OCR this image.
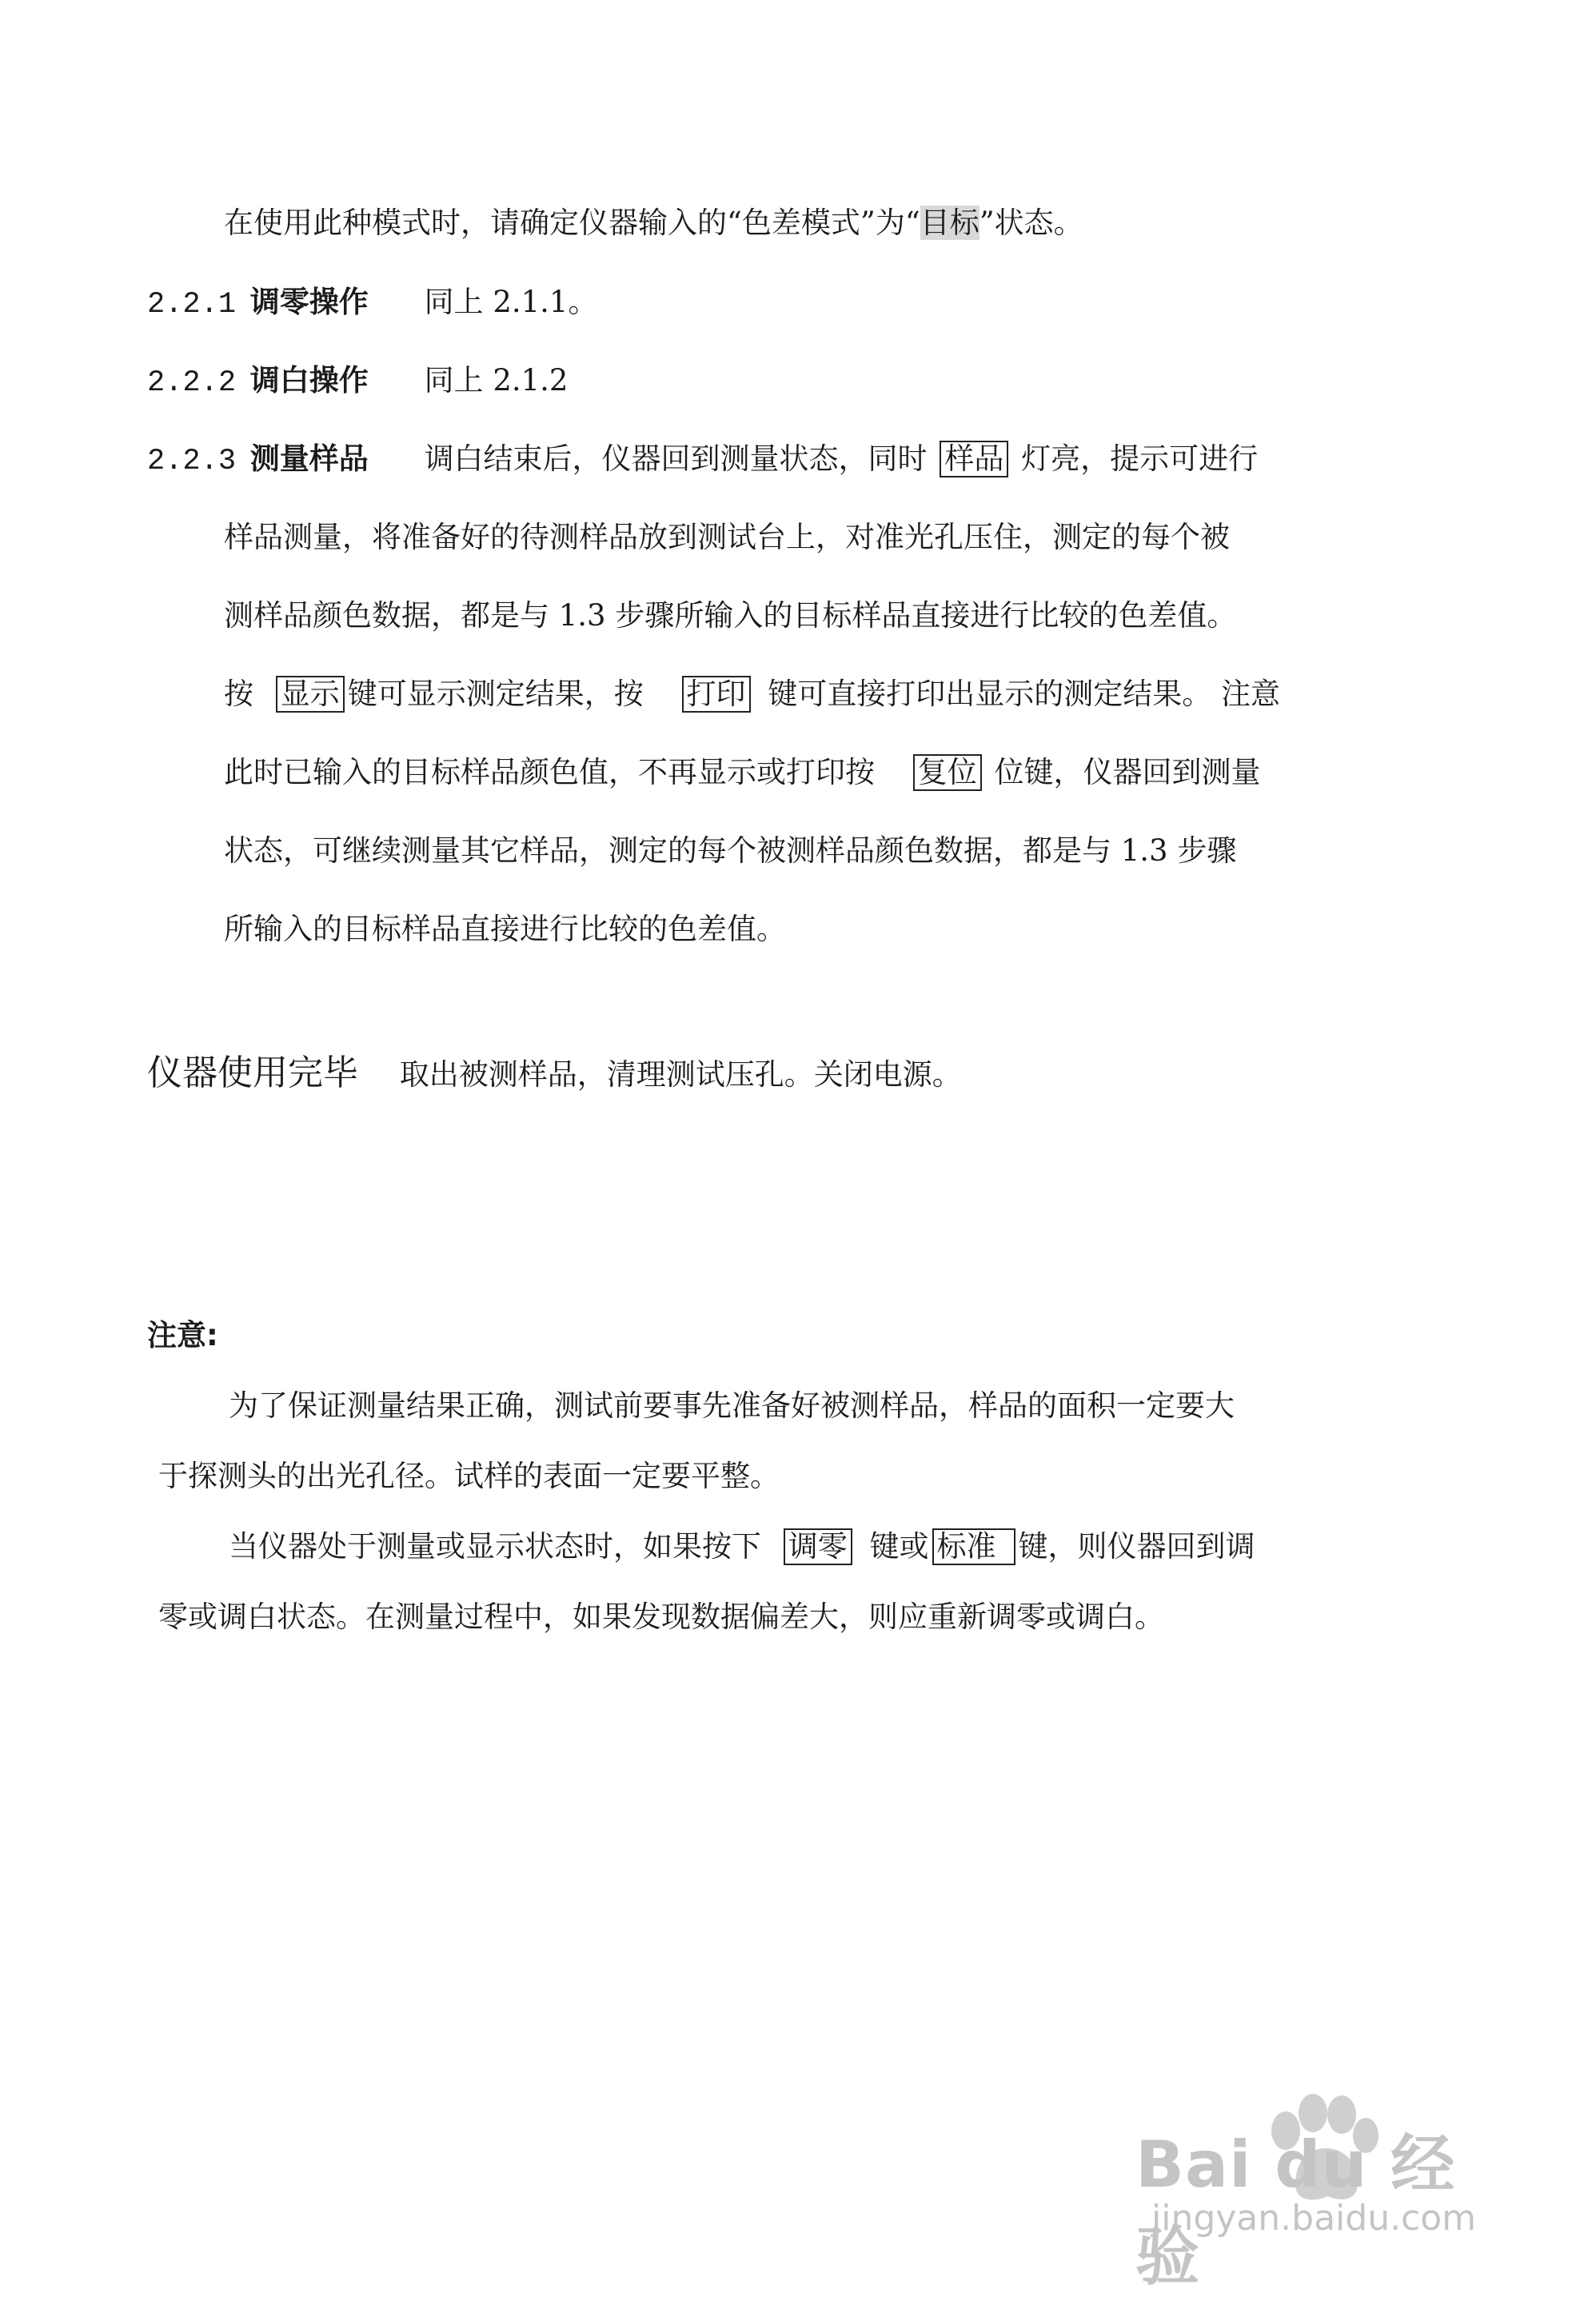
在使用此种模式时，请确定仪器输入的“色差模式”为“目标”状态。
2.2.1 调零操作 同上 2.1.1。
2.2.2 调白操作 同上 2.1.2
2.2.3 测量样品 调白结束后，仪器回到测量状态，同时 样品 灯亮，提示可进行
样品测量，将准备好的待测样品放到测试台上，对准光孔压住，测定的每个被
测样品颜色数据，都是与 1.3 步骤所输入的目标样品直接进行比较的色差值。
按 显示 键可显示测定结果，按 打印 键可直接打印出显示的测定结果。 注意
此时已输入的目标样品颜色值，不再显示或打印按 复位 位键，仪器回到测量
状态，可继续测量其它样品，测定的每个被测样品颜色数据，都是与 1.3 步骤
所输入的目标样品直接进行比较的色差值。
仪器使用完毕 取出被测样品，清理测试压孔。关闭电源。
注意:
为了保证测量结果正确，测试前要事先准备好被测样品，样品的面积一定要大
于探测头的出光孔径。试样的表面一定要平整。
当仪器处于测量或显示状态时，如果按下 调零 键或 标准 键，则仪器回到调
零或调白状态。在测量过程中，如果发现数据偏差大，则应重新调零或调白。
Bai du 经验
jingyan.baidu.com
